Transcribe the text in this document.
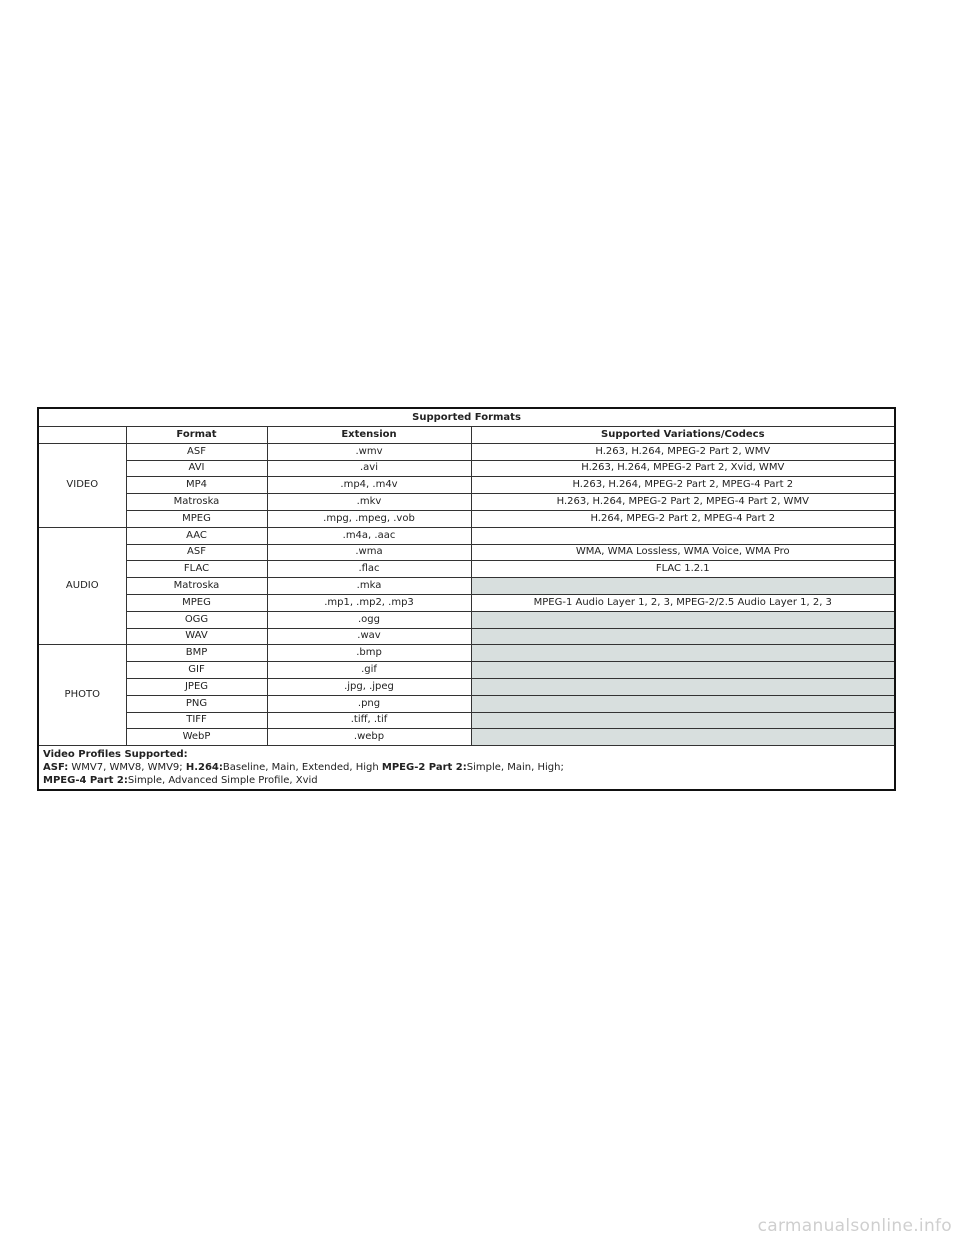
Supported Formats			
	Format	Extension	Supported Variations/Codecs
VIDEO	ASF	.wmv	H.263, H.264, MPEG-2 Part 2, WMV
	AVI	.avi	H.263, H.264, MPEG-2 Part 2, Xvid, WMV
	MP4	.mp4, .m4v	H.263, H.264, MPEG-2 Part 2, MPEG-4 Part 2
	Matroska	.mkv	H.263, H.264, MPEG-2 Part 2, MPEG-4 Part 2, WMV
	MPEG	.mpg, .mpeg, .vob	H.264, MPEG-2 Part 2, MPEG-4 Part 2
AUDIO	AAC	.m4a, .aac	
	ASF	.wma	WMA, WMA Lossless, WMA Voice, WMA Pro
	FLAC	.flac	FLAC 1.2.1
	Matroska	.mka	
	MPEG	.mp1, .mp2, .mp3	MPEG-1 Audio Layer 1, 2, 3, MPEG-2/2.5 Audio Layer 1, 2, 3
	OGG	.ogg	
	WAV	.wav	
PHOTO	BMP	.bmp	
	GIF	.gif	
	JPEG	.jpg, .jpeg	
	PNG	.png	
	TIFF	.tiff, .tif	
	WebP	.webp	
Video Profiles Supported:
ASF: WMV7, WMV8, WMV9; H.264:Baseline, Main, Extended, High MPEG-2 Part 2:Simple, Main, High;
MPEG-4 Part 2:Simple, Advanced Simple Profile, Xvid			
carmanualsonline.info
